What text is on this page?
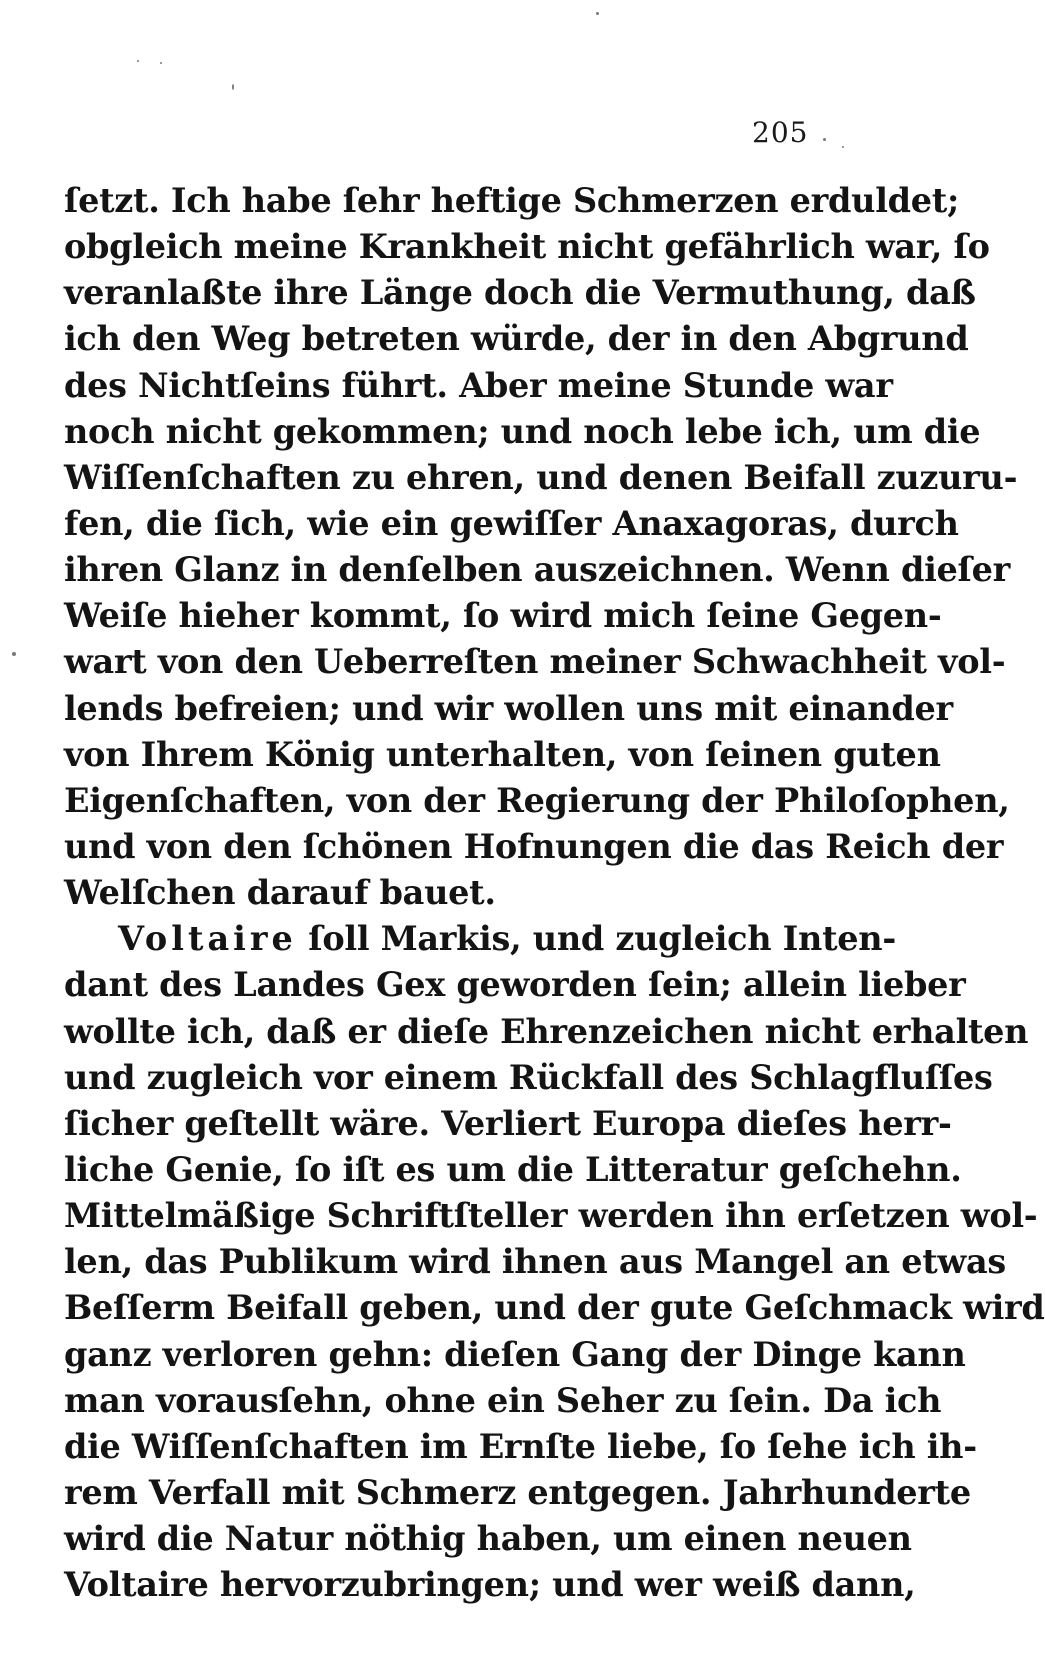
205
ſetzt. Ich habe ſehr heftige Schmerzen erduldet;
obgleich meine Krankheit nicht gefährlich war, ſo
veranlaßte ihre Länge doch die Vermuthung, daß
ich den Weg betreten würde, der in den Abgrund
des Nichtſeins führt. Aber meine Stunde war
noch nicht gekommen; und noch lebe ich, um die
Wiſſenſchaften zu ehren, und denen Beifall zuzuru-
fen, die ſich, wie ein gewiſſer Anaxagoras, durch
ihren Glanz in denſelben auszeichnen. Wenn dieſer
Weiſe hieher kommt, ſo wird mich ſeine Gegen-
wart von den Ueberreſten meiner Schwachheit vol-
lends befreien; und wir wollen uns mit einander
von Ihrem König unterhalten, von ſeinen guten
Eigenſchaften, von der Regierung der Philoſophen,
und von den ſchönen Hofnungen die das Reich der
Welſchen darauf bauet.
Voltaire ſoll Markis, und zugleich Inten-
dant des Landes Gex geworden ſein; allein lieber
wollte ich, daß er dieſe Ehrenzeichen nicht erhalten
und zugleich vor einem Rückfall des Schlagfluſſes
ſicher geſtellt wäre. Verliert Europa dieſes herr-
liche Genie, ſo iſt es um die Litteratur geſchehn.
Mittelmäßige Schriftſteller werden ihn erſetzen wol-
len, das Publikum wird ihnen aus Mangel an etwas
Beſſerm Beifall geben, und der gute Geſchmack wird
ganz verloren gehn: dieſen Gang der Dinge kann
man vorausſehn, ohne ein Seher zu ſein. Da ich
die Wiſſenſchaften im Ernſte liebe, ſo ſehe ich ih-
rem Verfall mit Schmerz entgegen. Jahrhunderte
wird die Natur nöthig haben, um einen neuen
Voltaire hervorzubringen; und wer weiß dann,
